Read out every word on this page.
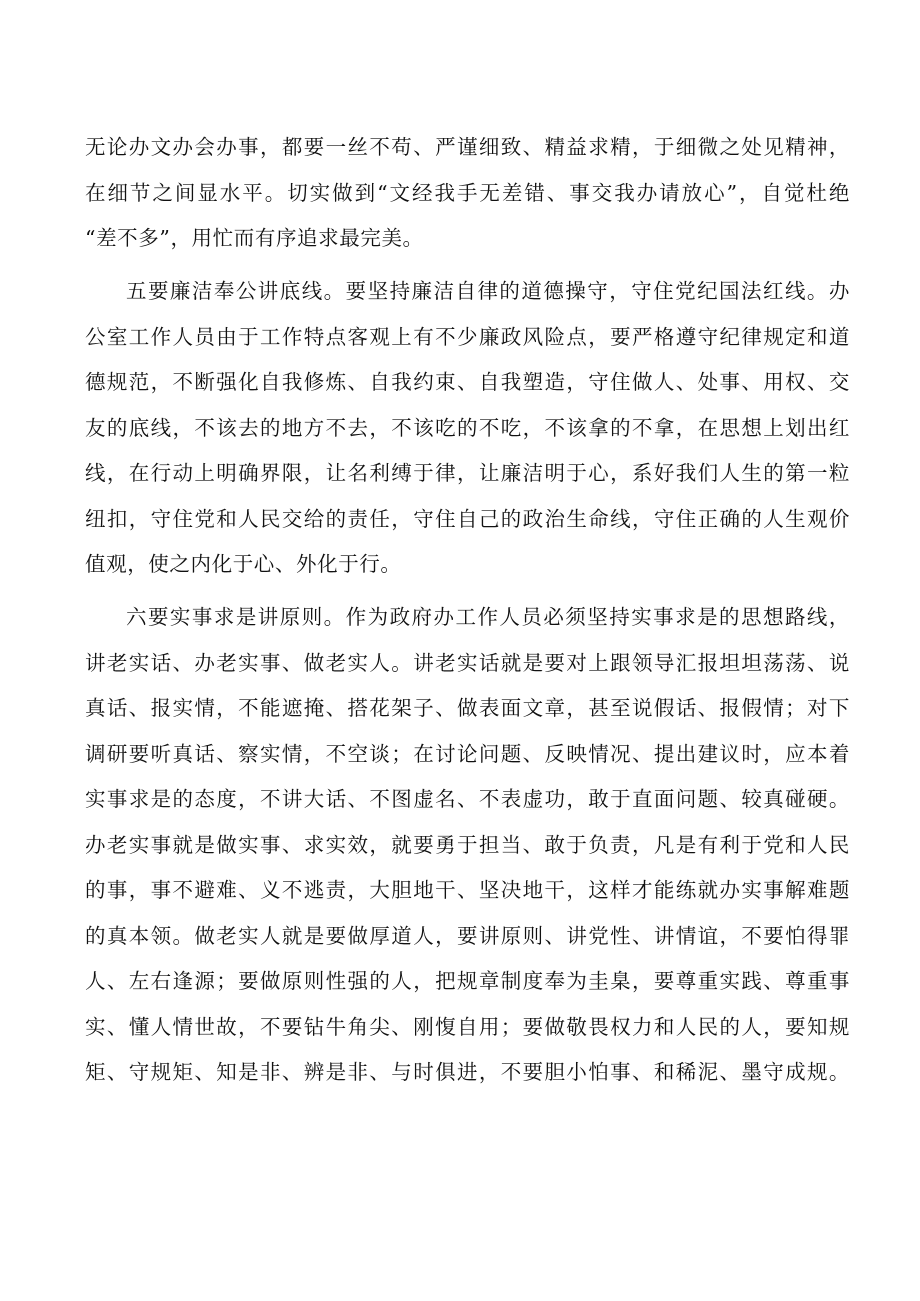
无论办文办会办事，都要一丝不苟、严谨细致、精益求精，于细微之处见精神，
在细节之间显水平。切实做到“文经我手无差错、事交我办请放心”，自觉杜绝
“差不多”，用忙而有序追求最完美。
五要廉洁奉公讲底线。要坚持廉洁自律的道德操守，守住党纪国法红线。办
公室工作人员由于工作特点客观上有不少廉政风险点，要严格遵守纪律规定和道
德规范，不断强化自我修炼、自我约束、自我塑造，守住做人、处事、用权、交
友的底线，不该去的地方不去，不该吃的不吃，不该拿的不拿，在思想上划出红
线，在行动上明确界限，让名利缚于律，让廉洁明于心，系好我们人生的第一粒
纽扣，守住党和人民交给的责任，守住自己的政治生命线，守住正确的人生观价
值观，使之内化于心、外化于行。
六要实事求是讲原则。作为政府办工作人员必须坚持实事求是的思想路线，
讲老实话、办老实事、做老实人。讲老实话就是要对上跟领导汇报坦坦荡荡、说
真话、报实情，不能遮掩、搭花架子、做表面文章，甚至说假话、报假情；对下
调研要听真话、察实情，不空谈；在讨论问题、反映情况、提出建议时，应本着
实事求是的态度，不讲大话、不图虚名、不表虚功，敢于直面问题、较真碰硬。
办老实事就是做实事、求实效，就要勇于担当、敢于负责，凡是有利于党和人民
的事，事不避难、义不逃责，大胆地干、坚决地干，这样才能练就办实事解难题
的真本领。做老实人就是要做厚道人，要讲原则、讲党性、讲情谊，不要怕得罪
人、左右逢源；要做原则性强的人，把规章制度奉为圭臬，要尊重实践、尊重事
实、懂人情世故，不要钻牛角尖、刚愎自用；要做敬畏权力和人民的人，要知规
矩、守规矩、知是非、辨是非、与时俱进，不要胆小怕事、和稀泥、墨守成规。
